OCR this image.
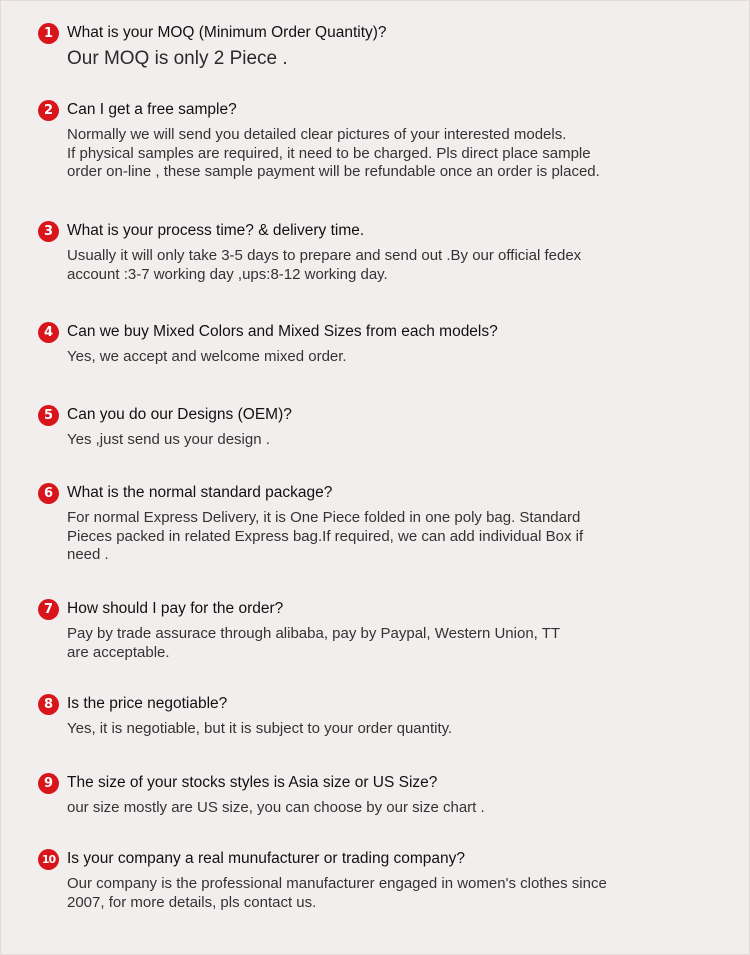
1 What is your MOQ (Minimum Order Quantity)?
Our MOQ is only 2 Piece .
2 Can I get a free sample?
Normally we will send you detailed clear pictures of your interested models.
If physical samples are required, it need to be charged. Pls direct place sample
order on-line , these sample payment will be refundable once an order is placed.
3 What is your process time? & delivery time.
Usually it will only take 3-5 days to prepare and send out .By our official fedex
account :3-7 working day ,ups:8-12 working day.
4 Can we buy Mixed Colors and Mixed Sizes from each models?
Yes, we accept and welcome mixed order.
5 Can you do our Designs (OEM)?
Yes ,just send us your design .
6 What is the normal standard package?
For normal Express Delivery, it is One Piece folded in one poly bag. Standard
Pieces packed in related Express bag.If required, we can add individual Box if
need .
7 How should I pay for the order?
Pay by trade assurace through alibaba, pay by Paypal, Western Union, TT
are acceptable.
8 Is the price negotiable?
Yes, it is negotiable, but it is subject to your order quantity.
9 The size of your stocks styles is Asia size or US Size?
our size mostly are US size, you can choose by our size chart .
10 Is your company a real munufacturer or trading company?
Our company is the professional manufacturer engaged in women's clothes since
2007, for more details, pls contact us.
